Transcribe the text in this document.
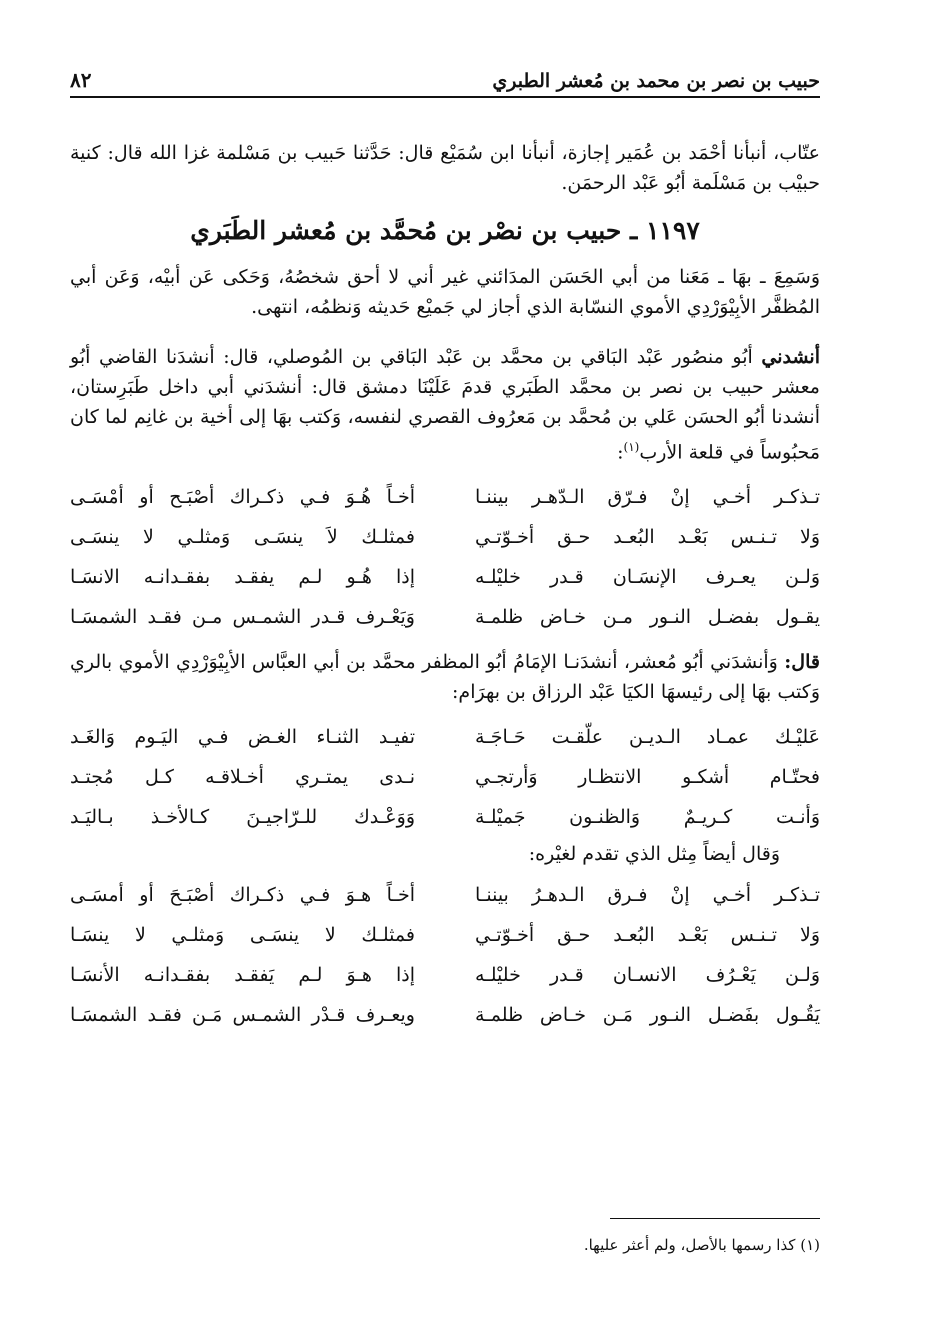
حبيب بن نصر بن محمد بن مُعشر الطبري
٨٢

عتّاب، أنبأنا أحْمَد بن عُمَير إجازة، أنبأنا ابن سُمَيْع قال: حَدَّثنا حَبيب بن مَسْلمة غزا الله قال: كنية حبيْب بن مَسْلَمة أبُو عَبْد الرحمَن.

١١٩٧ ـ حبيب بن نصْر بن مُحمَّد بن مُعشر الطَبَري

وَسَمِعَ ـ بهَا ـ مَعَنا من أبي الحَسَن المدَائني غير أني لا أحق شخصُهُ، وَحَكى عَن أبيْه، وَعَن أبي المُظفَّر الأبِيْوَرْدِي الأموي النسّابة الذي أجاز لي جَميْع حَديثه وَنظمُه، انتهى.

أنشدني أبُو منصُور عَبْد البَاقي بن محمَّد بن عَبْد البَاقي بن المُوصلي، قال: أنشدَنا القاضي أبُو معشر حبيب بن نصر بن محمَّد الطَبَري قدمَ عَلَيْنَا دمشق قال: أنشدَني أبي داخل طَبَرِستان، أنشدنا أبُو الحسَن عَلي بن مُحمَّد بن مَعرُوف القصري لنفسه، وَكتب بهَا إلى أخية بن غانِم لما كان مَحبُوساً في قلعة الأرب$^{(١)}$:

تـذكـر أخـي إنْ فـرّق الـدّهـر بيننـا
أخـاً هُـوَ فـي ذكـراك أصْبَـح أو أمْسَـى
وَلا تـنـس بَعْـد البُعـد حـق أخـوّتـي
فمثلـك لاَ ينسَـى وَمثلـي لا ينسَـى
وَلـن يعـرف الإنسَـان قـدر خليْلـه
إذا هُـو لـم يفقـد بفقـدانـه الانسَـا
يقـول بفضـل النـور مـن خـاض ظلمـة
وَيَعْـرف قـدر الشمـس مـن فقـد الشمسَـا

قال: وَأنشدَني أبُو مُعشر، أنشدَنـا الإمَامُ أبُو المظفر محمَّد بن أبي العبَّاس الأبِيْوَرْدِي الأموي بالري وَكتب بهَا إلى رئيسهَا الكيَا عَبْد الرزاق بن بهرَام:

عَليْـك عمـاد الـديـن علّقـت حَـاجَـة
تفيـد الثنـاء الغـض فـي اليَـوم وَالغَـد
فحتّـام أشكـو الانتظـار وَأرتجـي
نـدى يمتـري أخـلاقـه كـل مُجتـد
وَأنـت كـريـمٌ وَالظنـون جَميْلـة
وَوَعْـدك للـرّاجيـنَ كـالأخـذ بـاليَـد
وَقال أيضاً مِثل الذي تقدم لغيْره:
تـذكـر أخـي إنْ فـرق الـدهـرُ بيننـا
أخـاً هـوَ فـي ذكـراك أصْبَـحَ أو أمسَـى
وَلا تـنـس بَعْـد البُعـد حـق أخـوّتـي
فمثلـك لا ينسَـى وَمثلـي لا ينسَـا
وَلـن يَعْـرُف الانسـان قـدر خليْلـه
إذا هـوَ لـم يَفقـد بفقـدانـه الأنسَـا
يَقُـول بفَضـل النـور مَـن خـاض ظلمـة
ويعـرف قـدْر الشمـس مَـن فقـد الشمسَـا
(١) كذا رسمها بالأصل، ولم أعثر عليها.
